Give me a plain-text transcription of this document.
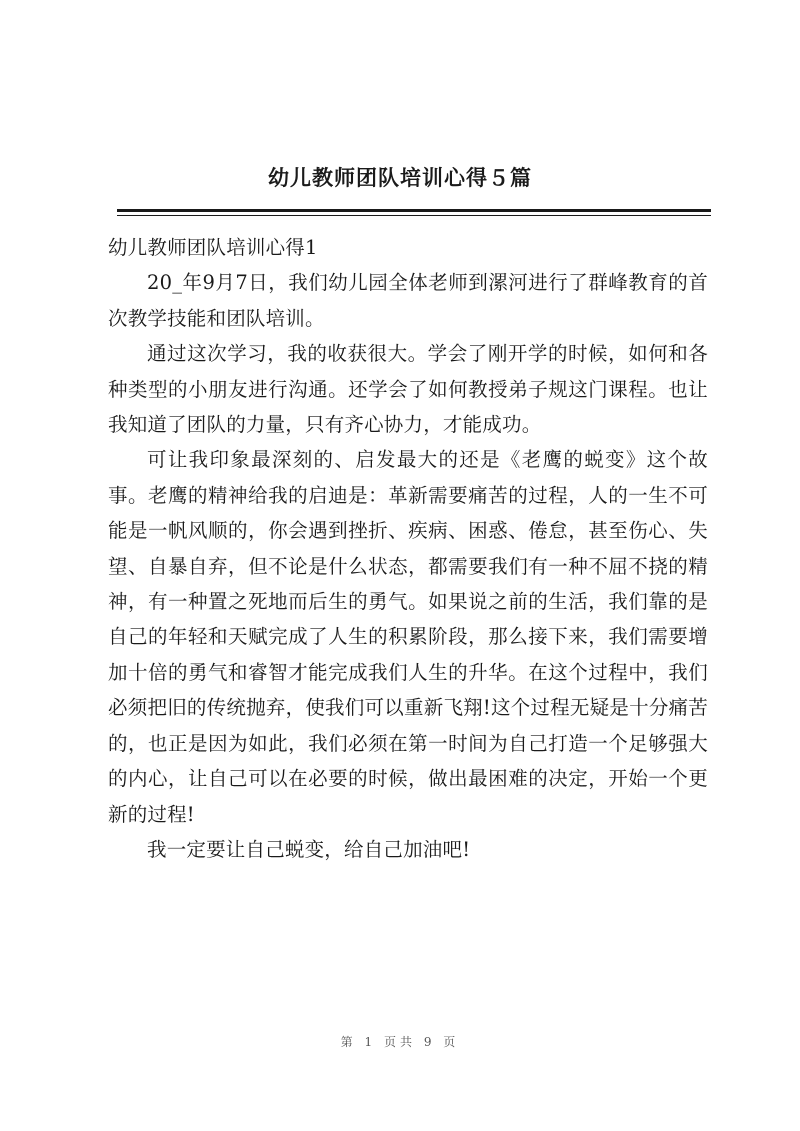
幼儿教师团队培训心得５篇
幼儿教师团队培训心得1

20_年9月7日，我们幼儿园全体老师到漯河进行了群峰教育的首次教学技能和团队培训。

通过这次学习，我的收获很大。学会了刚开学的时候，如何和各种类型的小朋友进行沟通。还学会了如何教授弟子规这门课程。也让我知道了团队的力量，只有齐心协力，才能成功。

可让我印象最深刻的、启发最大的还是《老鹰的蜕变》这个故事。老鹰的精神给我的启迪是：革新需要痛苦的过程，人的一生不可能是一帆风顺的，你会遇到挫折、疾病、困惑、倦怠，甚至伤心、失望、自暴自弃，但不论是什么状态，都需要我们有一种不屈不挠的精神，有一种置之死地而后生的勇气。如果说之前的生活，我们靠的是自己的年轻和天赋完成了人生的积累阶段，那么接下来，我们需要增加十倍的勇气和睿智才能完成我们人生的升华。在这个过程中，我们必须把旧的传统抛弃，使我们可以重新飞翔!这个过程无疑是十分痛苦的，也正是因为如此，我们必须在第一时间为自己打造一个足够强大的内心，让自己可以在必要的时候，做出最困难的决定，开始一个更新的过程!

我一定要让自己蜕变，给自己加油吧!

第 1 页共 9 页
